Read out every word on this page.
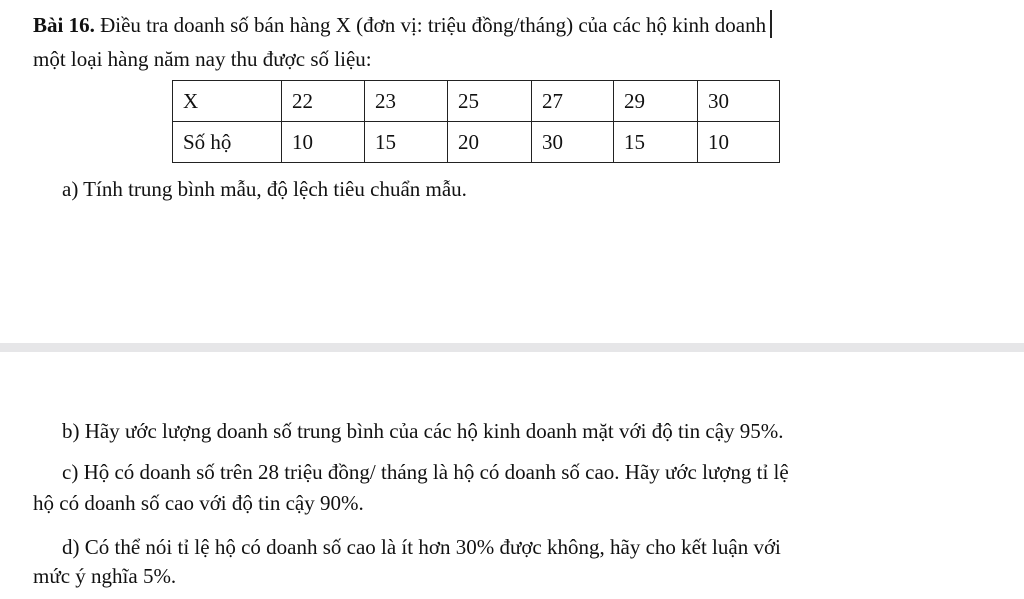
Bài 16. Điều tra doanh số bán hàng X (đơn vị: triệu đồng/tháng) của các hộ kinh doanh
một loại hàng năm nay thu được số liệu:
X	22	23	25	27	29	30
Số hộ	10	15	20	30	15	10
a) Tính trung bình mẫu, độ lệch tiêu chuẩn mẫu.
b) Hãy ước lượng doanh số trung bình của các hộ kinh doanh mặt với độ tin cậy 95%.
c) Hộ có doanh số trên 28 triệu đồng/ tháng là hộ có doanh số cao. Hãy ước lượng tỉ lệ
hộ có doanh số cao với độ tin cậy 90%.
d) Có thể nói tỉ lệ hộ có doanh số cao là ít hơn 30% được không, hãy cho kết luận với
mức ý nghĩa 5%.
